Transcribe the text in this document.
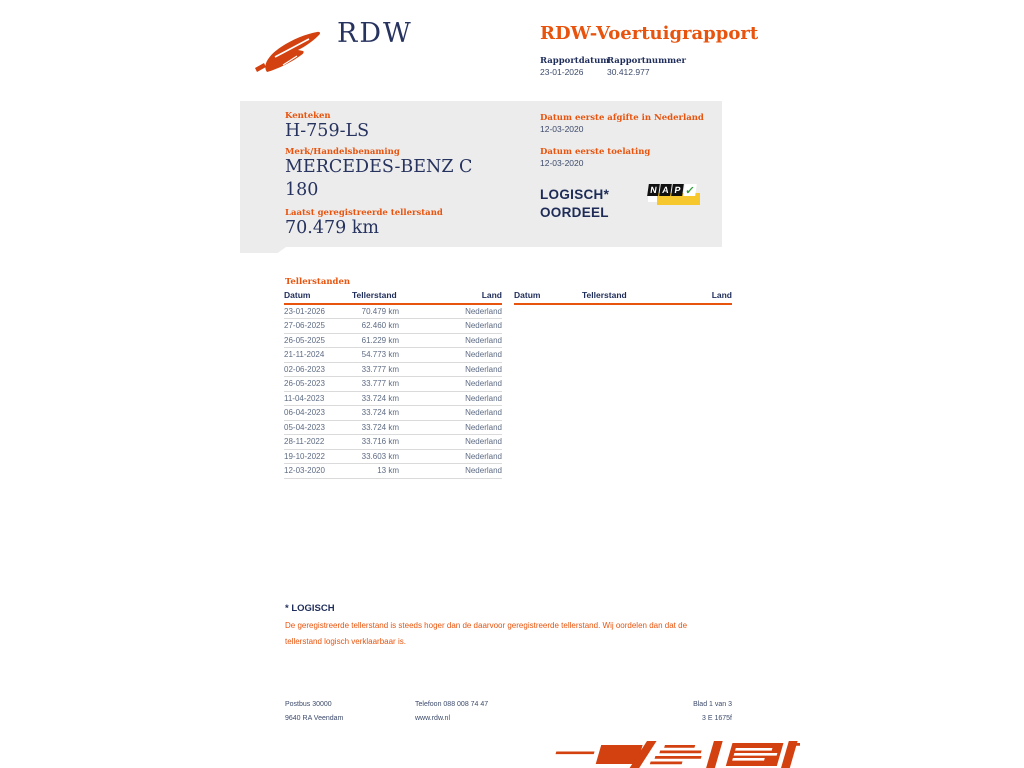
RDW	RDW-Voertuigrapport
Rapportdatum
Rapportnummer
23-01-2026	30.412.977
Kenteken
H-759-LS
Merk/Handelsbenaming
MERCEDES-BENZ C 180
Laatst geregistreerde tellerstand
70.479 km
Datum eerste afgifte in Nederland
12-03-2020
Datum eerste toelating
12-03-2020
LOGISCH*
OORDEEL
N A P ✓
Tellerstanden
Datum	Tellerstand	Land
23-01-2026	70.479 km	Nederland
27-06-2025	62.460 km	Nederland
26-05-2025	61.229 km	Nederland
21-11-2024	54.773 km	Nederland
02-06-2023	33.777 km	Nederland
26-05-2023	33.777 km	Nederland
11-04-2023	33.724 km	Nederland
06-04-2023	33.724 km	Nederland
05-04-2023	33.724 km	Nederland
28-11-2022	33.716 km	Nederland
19-10-2022	33.603 km	Nederland
12-03-2020	13 km	Nederland
Datum	Tellerstand	Land
* LOGISCH
De geregistreerde tellerstand is steeds hoger dan de daarvoor geregistreerde tellerstand. Wij oordelen dan dat de tellerstand logisch verklaarbaar is.
Postbus 30000
9640 RA Veendam
Telefoon 088 008 74 47
www.rdw.nl
Blad 1 van 3
3 E 1675f
